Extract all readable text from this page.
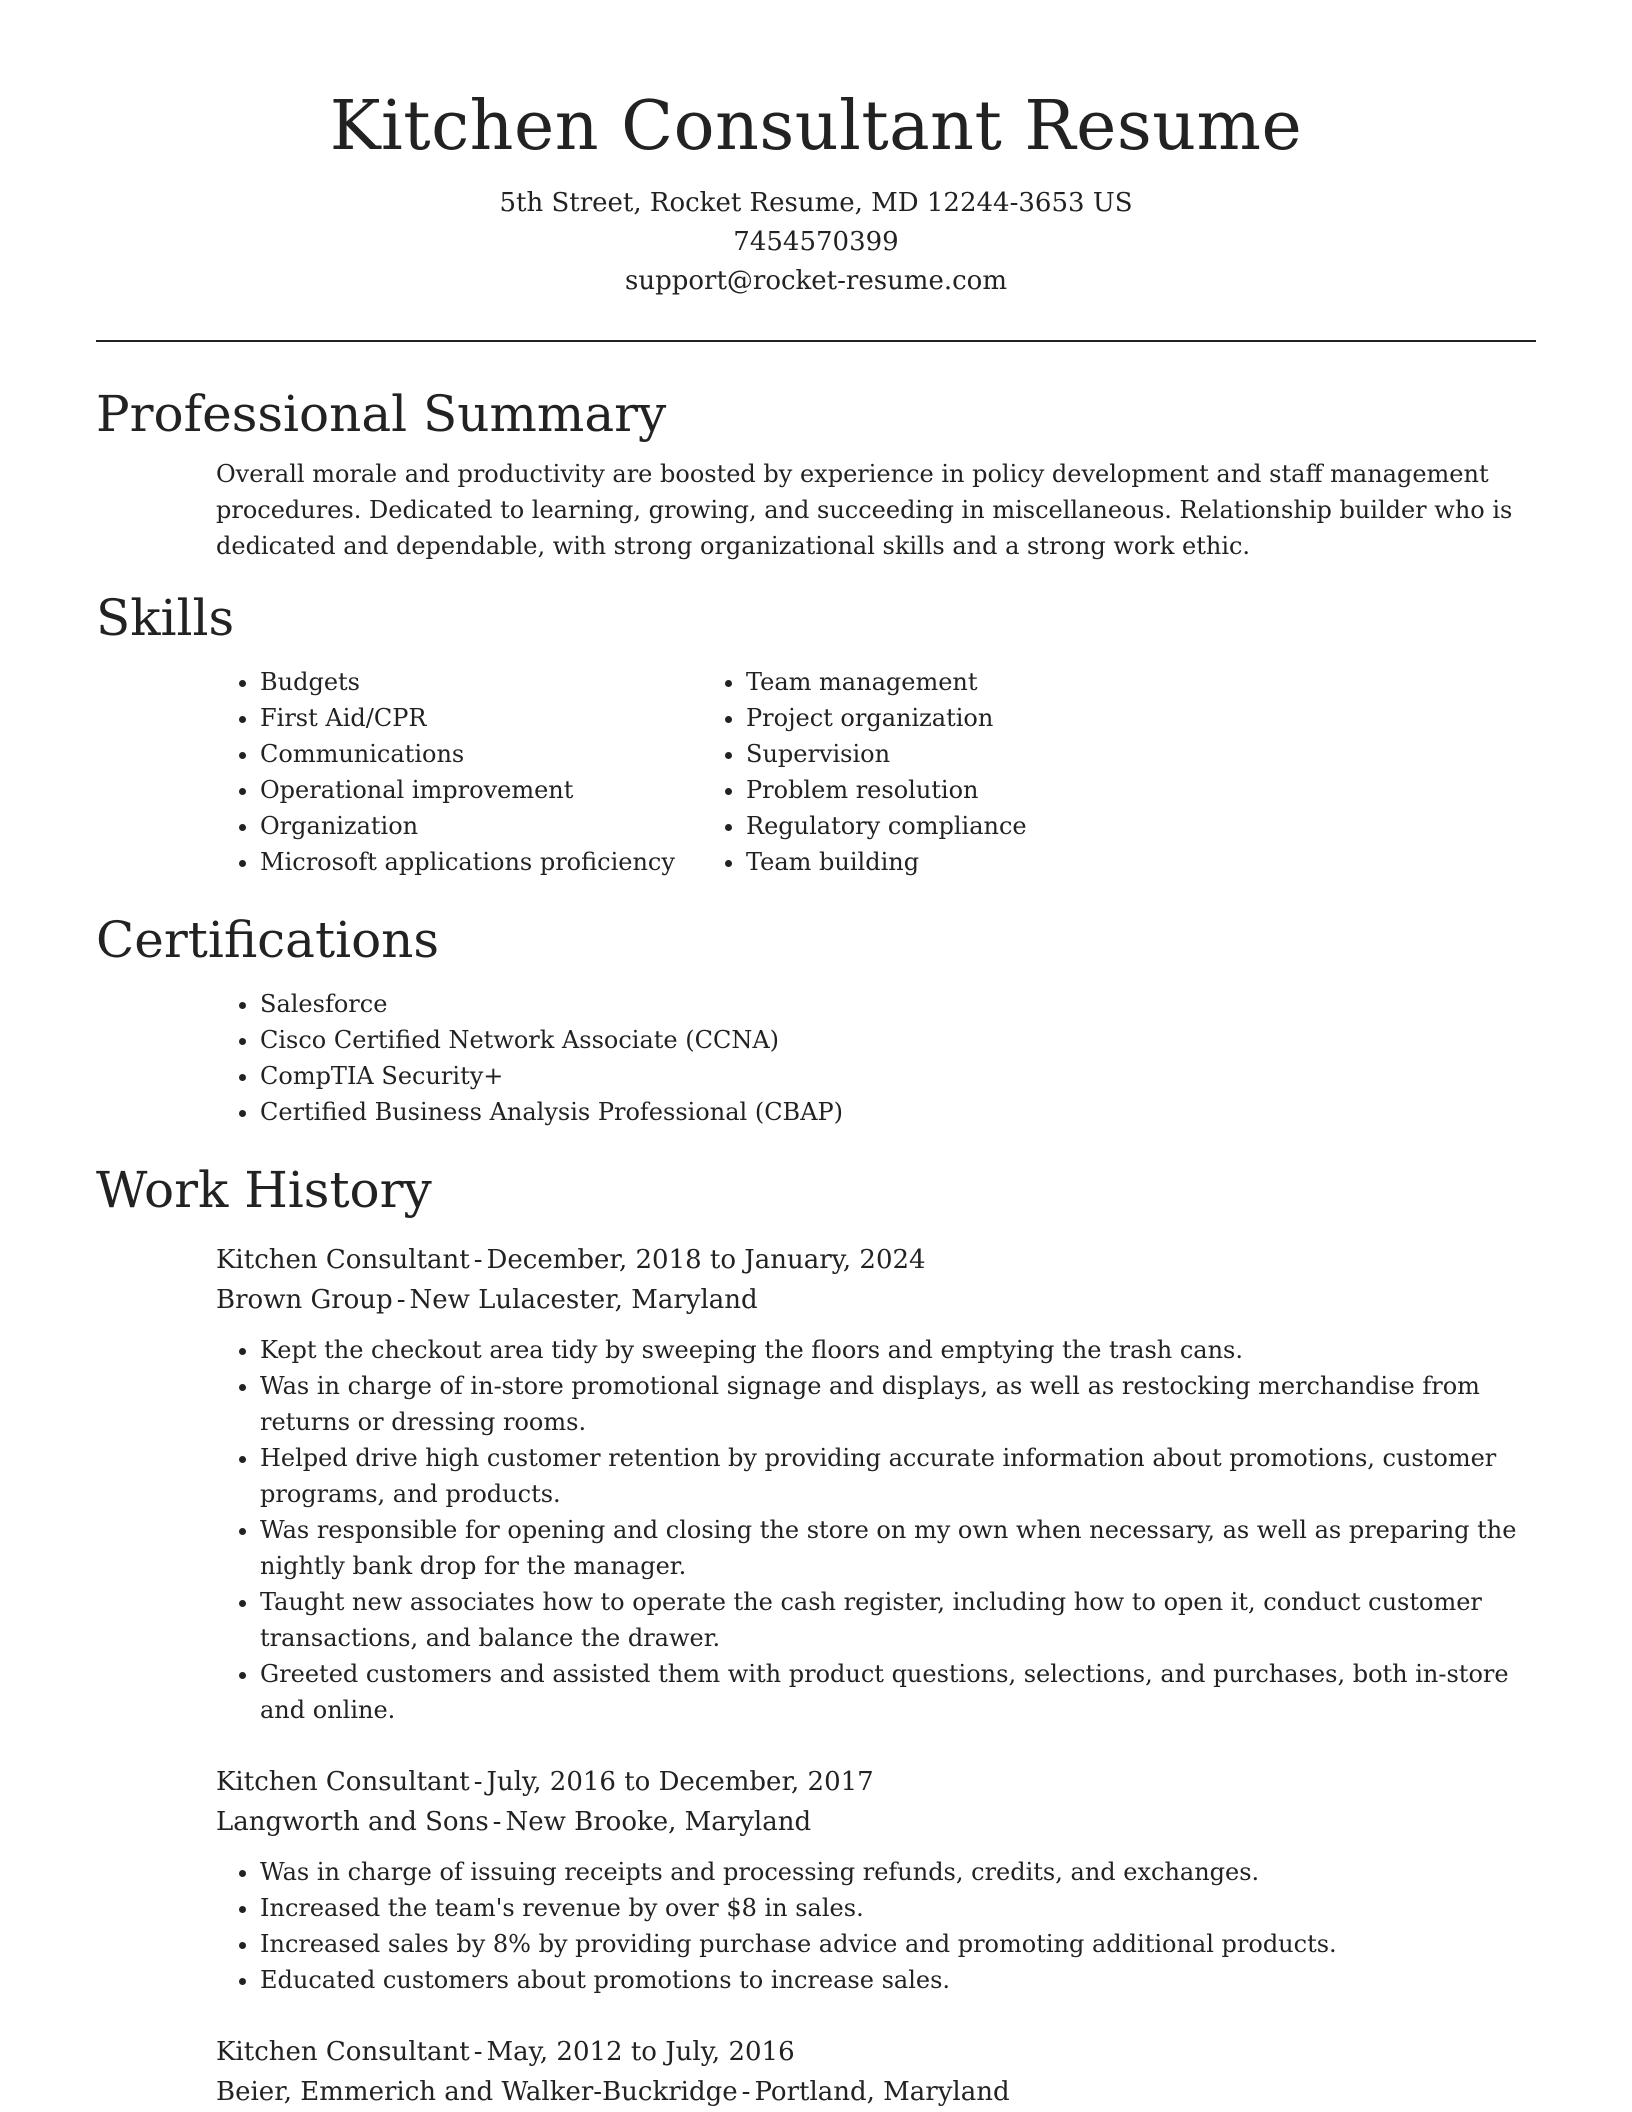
Kitchen Consultant Resume
5th Street, Rocket Resume, MD 12244-3653 US
7454570399
support@rocket-resume.com
Professional Summary

Overall morale and productivity are boosted by experience in policy development and staff management procedures. Dedicated to learning, growing, and succeeding in miscellaneous. Relationship builder who is dedicated and dependable, with strong organizational skills and a strong work ethic.

Skills
• Budgets
• First Aid/CPR
• Communications
• Operational improvement
• Organization
• Microsoft applications proficiency
• Team management
• Project organization
• Supervision
• Problem resolution
• Regulatory compliance
• Team building
Certifications
• Salesforce
• Cisco Certified Network Associate (CCNA)
• CompTIA Security+
• Certified Business Analysis Professional (CBAP)
Work History
Kitchen Consultant - December, 2018 to January, 2024
Brown Group - New Lulacester, Maryland
• Kept the checkout area tidy by sweeping the floors and emptying the trash cans.
• Was in charge of in-store promotional signage and displays, as well as restocking merchandise from returns or dressing rooms.
• Helped drive high customer retention by providing accurate information about promotions, customer programs, and products.
• Was responsible for opening and closing the store on my own when necessary, as well as preparing the nightly bank drop for the manager.
• Taught new associates how to operate the cash register, including how to open it, conduct customer transactions, and balance the drawer.
• Greeted customers and assisted them with product questions, selections, and purchases, both in-store and online.
Kitchen Consultant - July, 2016 to December, 2017
Langworth and Sons - New Brooke, Maryland
• Was in charge of issuing receipts and processing refunds, credits, and exchanges.
• Increased the team's revenue by over $8 in sales.
• Increased sales by 8% by providing purchase advice and promoting additional products.
• Educated customers about promotions to increase sales.
Kitchen Consultant - May, 2012 to July, 2016
Beier, Emmerich and Walker-Buckridge - Portland, Maryland
